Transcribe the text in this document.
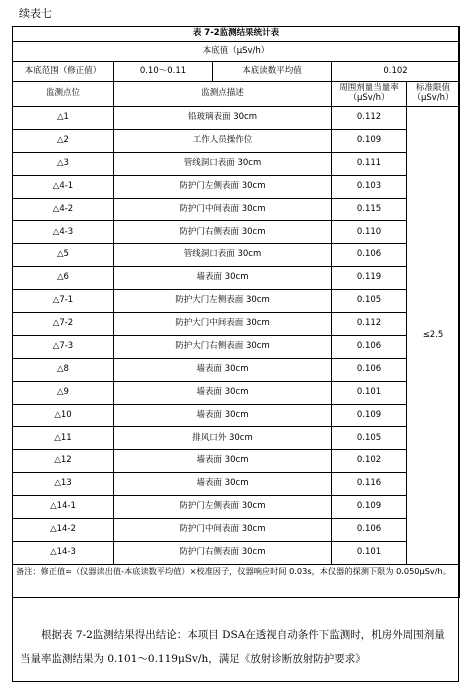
续表七
表 7-2监测结果统计表				
本底值（μSv/h）				
本底范围（修正值）	0.10～0.11	本底读数平均值	0.102	
监测点位	监测点描述		周围剂量当量率（μSv/h）	标准限值（μSv/h）
△1	铅玻璃表面 30cm		0.112	≤2.5
△2	工作人员操作位		0.109	
△3	管线洞口表面 30cm		0.111	
△4-1	防护门左侧表面 30cm		0.103	
△4-2	防护门中间表面 30cm		0.115	
△4-3	防护门右侧表面 30cm		0.110	
△5	管线洞口表面 30cm		0.106	
△6	墙表面 30cm		0.119	
△7-1	防护大门左侧表面 30cm		0.105	
△7-2	防护大门中间表面 30cm		0.112	
△7-3	防护大门右侧表面 30cm		0.106	
△8	墙表面 30cm		0.106	
△9	墙表面 30cm		0.101	
△10	墙表面 30cm		0.109	
△11	排风口外 30cm		0.105	
△12	墙表面 30cm		0.102	
△13	墙表面 30cm		0.116	
△14-1	防护门左侧表面 30cm		0.109	
△14-2	防护门中间表面 30cm		0.106	
△14-3	防护门右侧表面 30cm		0.101	
备注：修正值=（仪器读出值-本底读数平均值）×校准因子，仪器响应时间 0.03s，本仪器的探测下限为 0.050μSv/h。				
根据表 7-2监测结果得出结论：本项目 DSA在透视自动条件下监测时，机房外周围剂量当量率监测结果为 0.101～0.119μSv/h，满足《放射诊断放射防护要求》
